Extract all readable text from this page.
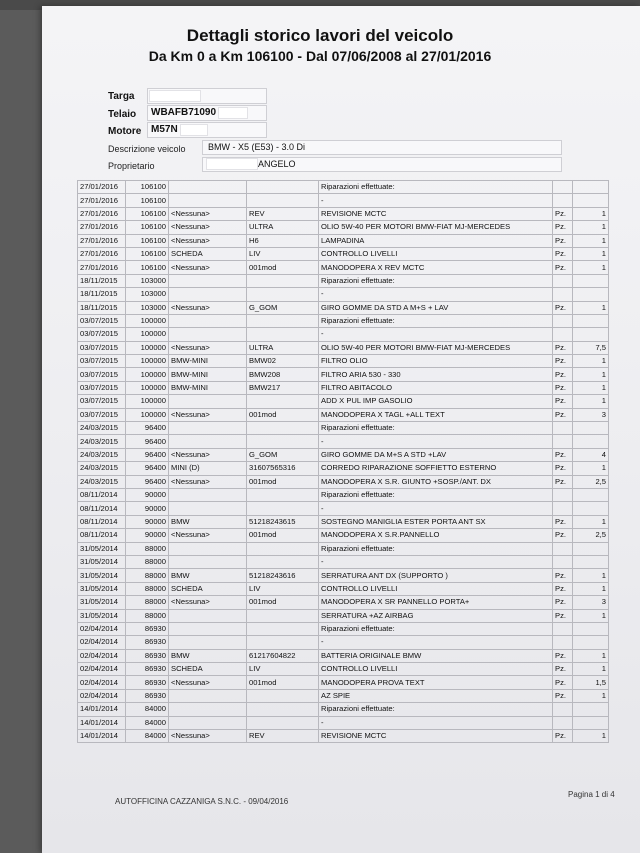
Dettagli storico lavori del veicolo
Da Km 0 a Km 106100 - Dal 07/06/2008 al 27/01/2016
Targa
Telaio WBAFB71090
Motore M57N
Descrizione veicolo BMW - X5 (E53) - 3.0 Di
Proprietario	ANGELO
27/01/2016	106100			Riparazioni effettuate:		
27/01/2016	106100			-		
27/01/2016	106100	<Nessuna>	REV	REVISIONE MCTC	Pz.	1
27/01/2016	106100	<Nessuna>	ULTRA	OLIO 5W-40 PER MOTORI BMW-FIAT MJ-MERCEDES	Pz.	1
27/01/2016	106100	<Nessuna>	H6	LAMPADINA	Pz.	1
27/01/2016	106100	SCHEDA	LIV	CONTROLLO LIVELLI	Pz.	1
27/01/2016	106100	<Nessuna>	001mod	MANODOPERA X REV MCTC	Pz.	1
18/11/2015	103000			Riparazioni effettuate:		
18/11/2015	103000			-		
18/11/2015	103000	<Nessuna>	G_GOM	GIRO GOMME DA STD A M+S + LAV	Pz.	1
03/07/2015	100000			Riparazioni effettuate:		
03/07/2015	100000			-		
03/07/2015	100000	<Nessuna>	ULTRA	OLIO 5W-40 PER MOTORI BMW-FIAT MJ-MERCEDES	Pz.	7,5
03/07/2015	100000	BMW-MINI	BMW02	FILTRO OLIO	Pz.	1
03/07/2015	100000	BMW-MINI	BMW208	FILTRO ARIA 530 - 330	Pz.	1
03/07/2015	100000	BMW-MINI	BMW217	FILTRO ABITACOLO	Pz.	1
03/07/2015	100000			ADD X PUL IMP GASOLIO	Pz.	1
03/07/2015	100000	<Nessuna>	001mod	MANODOPERA X TAGL +ALL TEXT	Pz.	3
24/03/2015	96400			Riparazioni effettuate:		
24/03/2015	96400			-		
24/03/2015	96400	<Nessuna>	G_GOM	GIRO GOMME DA M+S A STD +LAV	Pz.	4
24/03/2015	96400	MINI (D)	31607565316	CORREDO RIPARAZIONE SOFFIETTO ESTERNO	Pz.	1
24/03/2015	96400	<Nessuna>	001mod	MANODOPERA X S.R. GIUNTO +SOSP./ANT. DX	Pz.	2,5
08/11/2014	90000			Riparazioni effettuate:		
08/11/2014	90000			-		
08/11/2014	90000	BMW	51218243615	SOSTEGNO MANIGLIA ESTER PORTA ANT SX	Pz.	1
08/11/2014	90000	<Nessuna>	001mod	MANODOPERA X S.R.PANNELLO	Pz.	2,5
31/05/2014	88000			Riparazioni effettuate:		
31/05/2014	88000			-		
31/05/2014	88000	BMW	51218243616	SERRATURA ANT DX (SUPPORTO )	Pz.	1
31/05/2014	88000	SCHEDA	LIV	CONTROLLO LIVELLI	Pz.	1
31/05/2014	88000	<Nessuna>	001mod	MANODOPERA X SR PANNELLO PORTA+	Pz.	3
31/05/2014	88000			SERRATURA +AZ AIRBAG	Pz.	1
02/04/2014	86930			Riparazioni effettuate:		
02/04/2014	86930			-		
02/04/2014	86930	BMW	61217604822	BATTERIA ORIGINALE BMW	Pz.	1
02/04/2014	86930	SCHEDA	LIV	CONTROLLO LIVELLI	Pz.	1
02/04/2014	86930	<Nessuna>	001mod	MANODOPERA PROVA TEXT	Pz.	1,5
02/04/2014	86930			AZ SPIE	Pz.	1
14/01/2014	84000			Riparazioni effettuate:		
14/01/2014	84000			-		
14/01/2014	84000	<Nessuna>	REV	REVISIONE MCTC	Pz.	1
AUTOFFICINA CAZZANIGA S.N.C. - 09/04/2016
Pagina 1 di 4
